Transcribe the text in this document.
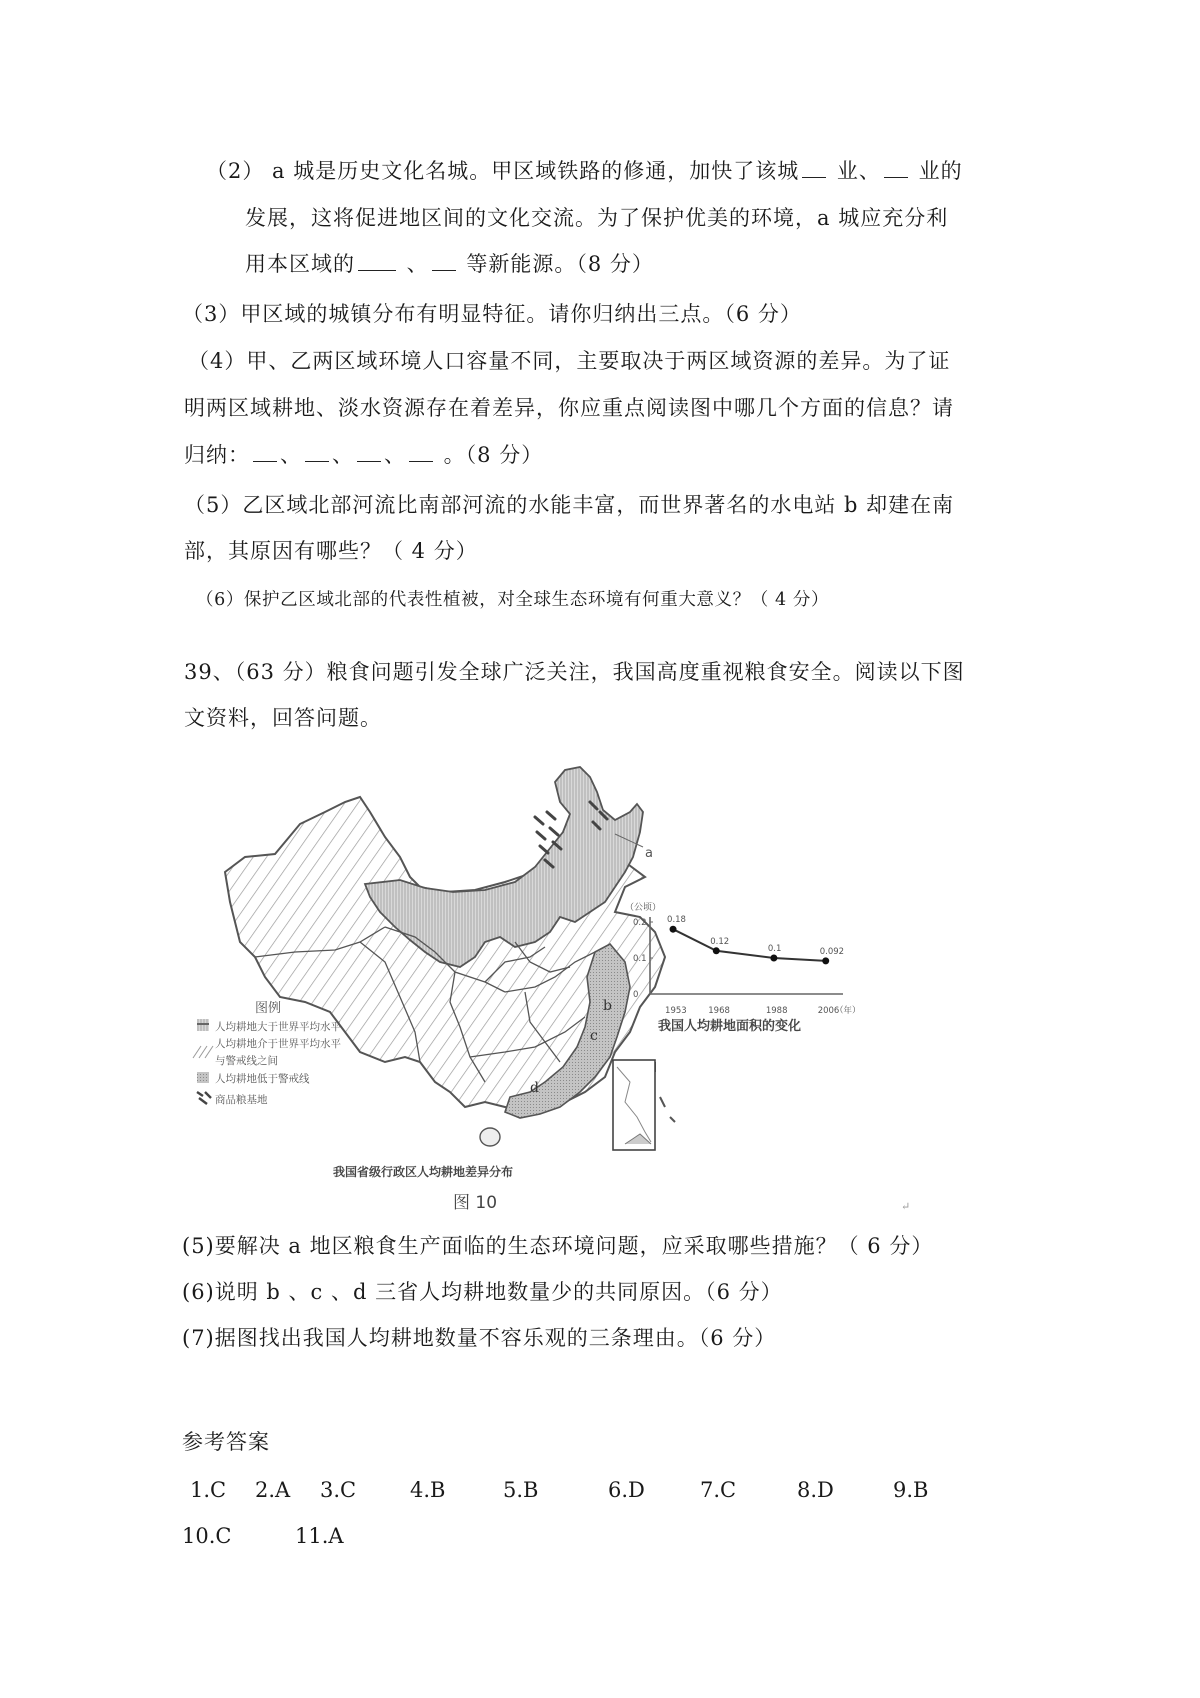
（2） a 城是历史文化名城。甲区域铁路的修通，加快了该城 业、 业的
发展，这将促进地区间的文化交流。为了保护优美的环境，a 城应充分利
用本区域的 、 等新能源。（8 分）
（3）甲区域的城镇分布有明显特征。请你归纳出三点。（6 分）
（4）甲、乙两区域环境人口容量不同，主要取决于两区域资源的差异。为了证
明两区域耕地、淡水资源存在着差异，你应重点阅读图中哪几个方面的信息？请
归纳： 、 、 、 。（8 分）
（5）乙区域北部河流比南部河流的水能丰富，而世界著名的水电站 b 却建在南
部，其原因有哪些？（ 4 分）
（6）保护乙区域北部的代表性植被，对全球生态环境有何重大意义？（ 4 分）
39、（63 分）粮食问题引发全球广泛关注，我国高度重视粮食安全。阅读以下图
文资料，回答问题。
a
b
c
d
图例
人均耕地大于世界平均水平
人均耕地介于世界平均水平
与警戒线之间
人均耕地低于警戒线
商品粮基地
我国省级行政区人均耕地差异分布
图 10	↵
（公顷）
我国人均耕地面积的变化
（年）
0
0.1
0.2 0.18
1953
0.12
1968
0.1
1988
0.092
2006
(5)要解决 a 地区粮食生产面临的生态环境问题，应采取哪些措施？（ 6 分）
(6)说明 b 、c 、d 三省人均耕地数量少的共同原因。（6 分）
(7)据图找出我国人均耕地数量不容乐观的三条理由。（6 分）
参考答案
1.C 2.A 3.C	4.B	5.B	6.D	7.C	8.D	9.B
10.C	11.A
